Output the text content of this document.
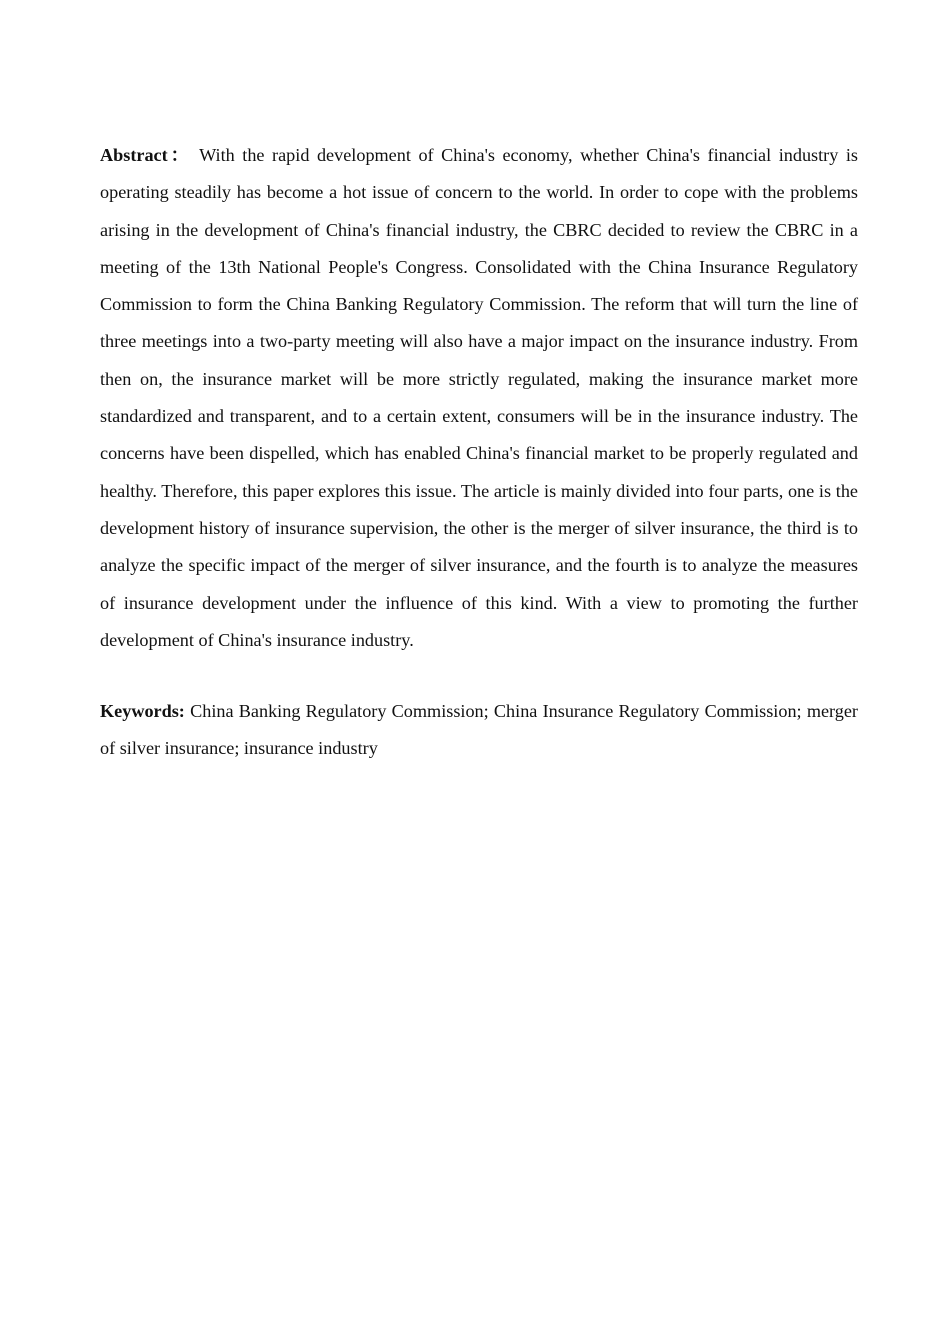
Abstract： With the rapid development of China's economy, whether China's financial industry is operating steadily has become a hot issue of concern to the world. In order to cope with the problems arising in the development of China's financial industry, the CBRC decided to review the CBRC in a meeting of the 13th National People's Congress. Consolidated with the China Insurance Regulatory Commission to form the China Banking Regulatory Commission. The reform that will turn the line of three meetings into a two-party meeting will also have a major impact on the insurance industry. From then on, the insurance market will be more strictly regulated, making the insurance market more standardized and transparent, and to a certain extent, consumers will be in the insurance industry. The concerns have been dispelled, which has enabled China's financial market to be properly regulated and healthy. Therefore, this paper explores this issue. The article is mainly divided into four parts, one is the development history of insurance supervision, the other is the merger of silver insurance, the third is to analyze the specific impact of the merger of silver insurance, and the fourth is to analyze the measures of insurance development under the influence of this kind. With a view to promoting the further development of China's insurance industry.

Keywords: China Banking Regulatory Commission; China Insurance Regulatory Commission; merger of silver insurance; insurance industry
